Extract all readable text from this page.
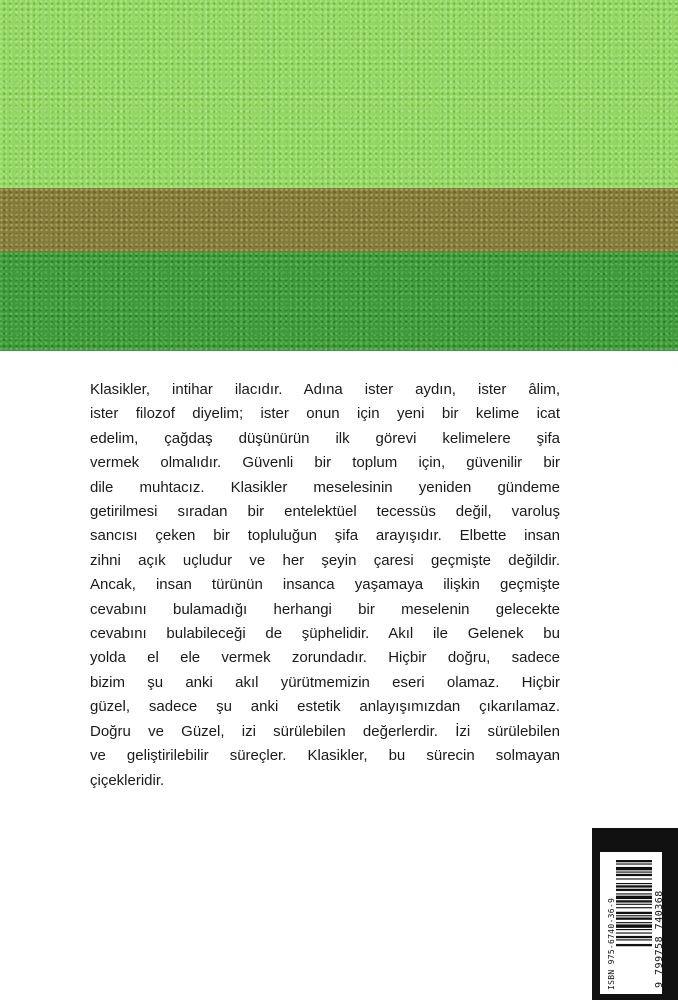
Klasikler, intihar ilacıdır. Adına ister aydın, ister âlim,
ister filozof diyelim; ister onun için yeni bir kelime icat
edelim, çağdaş düşünürün ilk görevi kelimelere şifa
vermek olmalıdır. Güvenli bir toplum için, güvenilir bir
dile muhtacız. Klasikler meselesinin yeniden gündeme
getirilmesi sıradan bir entelektüel tecessüs değil, varoluş
sancısı çeken bir topluluğun şifa arayışıdır. Elbette insan
zihni açık uçludur ve her şeyin çaresi geçmişte değildir.
Ancak, insan türünün insanca yaşamaya ilişkin geçmişte
cevabını bulamadığı herhangi bir meselenin gelecekte
cevabını bulabileceği de şüphelidir. Akıl ile Gelenek bu
yolda el ele vermek zorundadır. Hiçbir doğru, sadece
bizim şu anki akıl yürütmemizin eseri olamaz. Hiçbir
güzel, sadece şu anki estetik anlayışımızdan çıkarılamaz.
Doğru ve Güzel, izi sürülebilen değerlerdir. İzi sürülebilen
ve geliştirilebilir süreçler. Klasikler, bu sürecin solmayan
çiçekleridir.
ISBN 975-6740-36-9	9 799758 740368
